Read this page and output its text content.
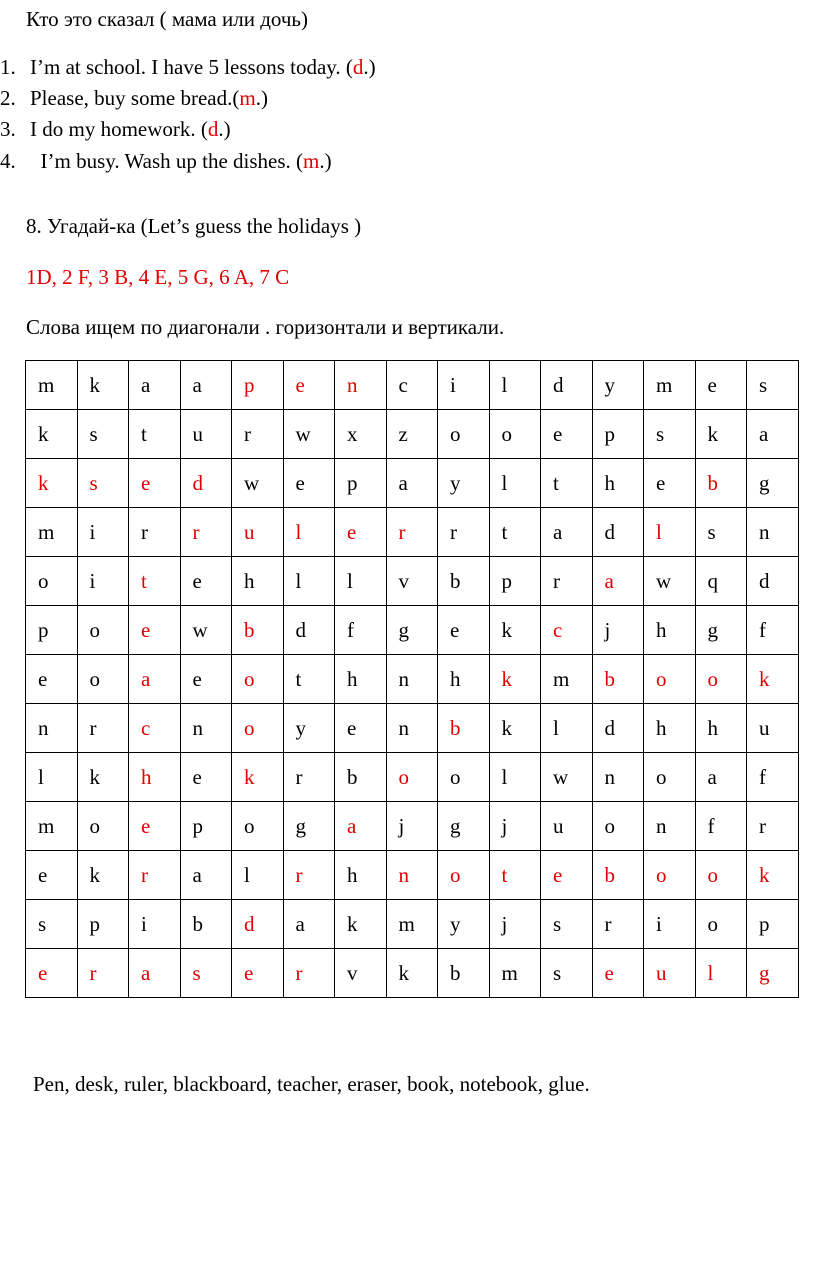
Кто это сказал ( мама или дочь)
1. I’m at school. I have 5 lessons today. (d.)
2. Please, buy some bread.(m.)
3. I do my homework. (d.)
4.  I’m busy. Wash up the dishes. (m.)
8. Угадай-ка (Let’s guess the holidays )
1D, 2 F, 3 B, 4 E, 5 G, 6 A, 7 C
Слова ищем по диагонали . горизонтали и вертикали.
m	k	a	a	p	e	n	c	i	l	d	y	m	e	s
k	s	t	u	r	w	x	z	o	o	e	p	s	k	a
k	s	e	d	w	e	p	a	y	l	t	h	e	b	g
m	i	r	r	u	l	e	r	r	t	a	d	l	s	n
o	i	t	e	h	l	l	v	b	p	r	a	w	q	d
p	o	e	w	b	d	f	g	e	k	c	j	h	g	f
e	o	a	e	o	t	h	n	h	k	m	b	o	o	k
n	r	c	n	o	y	e	n	b	k	l	d	h	h	u
l	k	h	e	k	r	b	o	o	l	w	n	o	a	f
m	o	e	p	o	g	a	j	g	j	u	o	n	f	r
e	k	r	a	l	r	h	n	o	t	e	b	o	o	k
s	p	i	b	d	a	k	m	y	j	s	r	i	o	p
e	r	a	s	e	r	v	k	b	m	s	e	u	l	g
Pen, desk, ruler, blackboard, teacher, eraser, book, notebook, glue.
